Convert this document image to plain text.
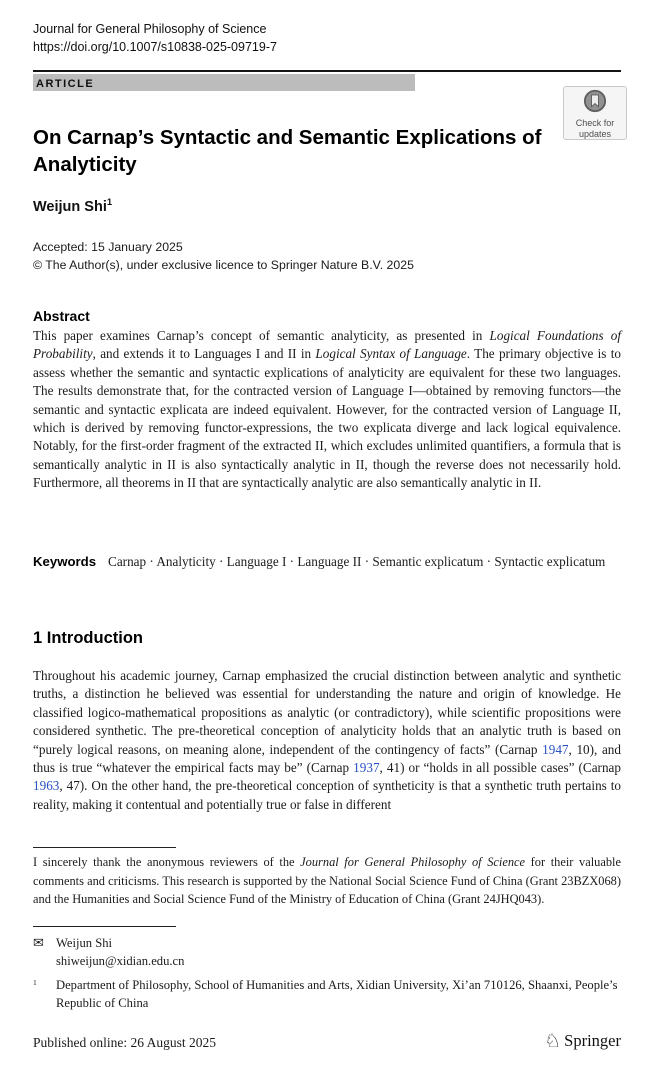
Journal for General Philosophy of Science
https://doi.org/10.1007/s10838-025-09719-7
ARTICLE
Check for
updates
On Carnap’s Syntactic and Semantic Explications of Analyticity
Weijun Shi$^1$
Accepted: 15 January 2025
© The Author(s), under exclusive licence to Springer Nature B.V. 2025
Abstract

This paper examines Carnap’s concept of semantic analyticity, as presented in Logical Foundations of Probability, and extends it to Languages I and II in Logical Syntax of Language. The primary objective is to assess whether the semantic and syntactic explications of analyticity are equivalent for these two languages. The results demonstrate that, for the contracted version of Language I—obtained by removing functors—the semantic and syntactic explicata are indeed equivalent. However, for the contracted version of Language II, which is derived by removing functor-expressions, the two explicata diverge and lack logical equivalence. Notably, for the first-order fragment of the extracted II, which excludes unlimited quantifiers, a formula that is semantically analytic in II is also syntactically analytic in II, though the reverse does not necessarily hold. Furthermore, all theorems in II that are syntactically analytic are also semantically analytic in II.

Keywords Carnap · Analyticity · Language I · Language II · Semantic explicatum · Syntactic explicatum
1 Introduction

Throughout his academic journey, Carnap emphasized the crucial distinction between analytic and synthetic truths, a distinction he believed was essential for understanding the nature and origin of knowledge. He classified logico-mathematical propositions as analytic (or contradictory), while scientific propositions were considered synthetic. The pre-theoretical conception of analyticity holds that an analytic truth is based on “purely logical reasons, on meaning alone, independent of the contingency of facts” (Carnap 1947, 10), and thus is true “whatever the empirical facts may be” (Carnap 1937, 41) or “holds in all possible cases” (Carnap 1963, 47). On the other hand, the pre-theoretical conception of syntheticity is that a synthetic truth pertains to reality, making it contentual and potentially true or false in different

I sincerely thank the anonymous reviewers of the Journal for General Philosophy of Science for their valuable comments and criticisms. This research is supported by the National Social Science Fund of China (Grant 23BZX068) and the Humanities and Social Science Fund of the Ministry of Education of China (Grant 24JHQ043).

✉ Weijun Shi
shiweijun@xidian.edu.cn
$^1$	Department of Philosophy, School of Humanities and Arts, Xidian University, Xi’an 710126, Shaanxi, People’s Republic of China
Published online: 26 August 2025	♘ Springer
